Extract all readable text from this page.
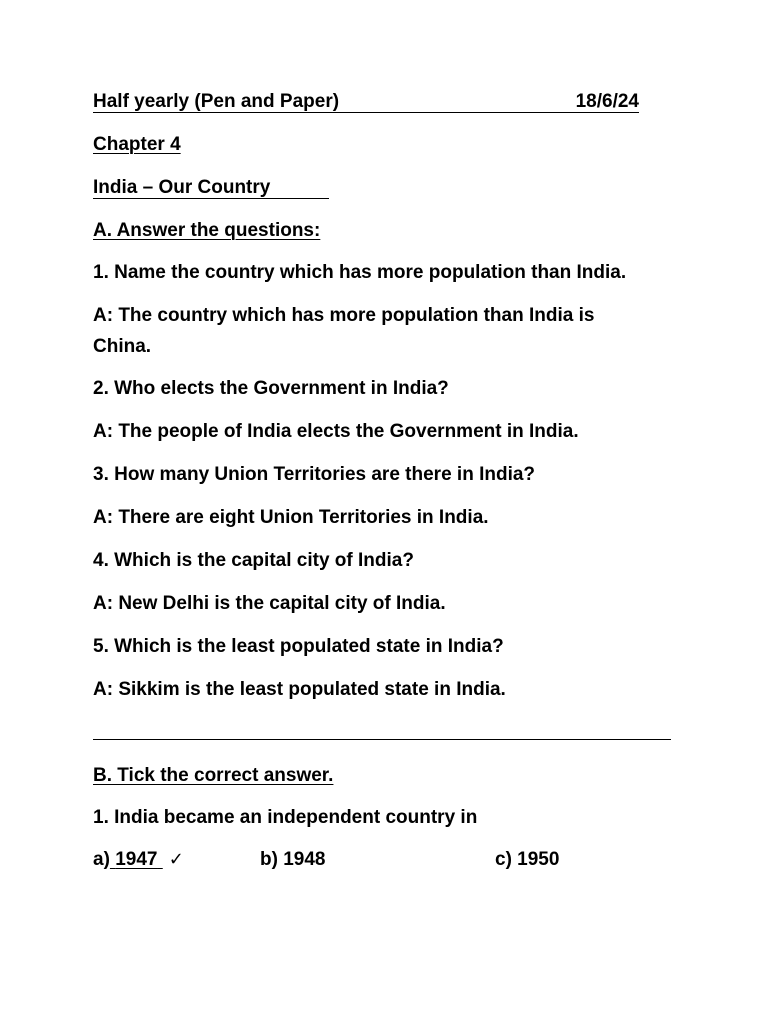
Half yearly (Pen and Paper)	18/6/24
Chapter 4
India – Our Country
A. Answer the questions:
1. Name the country which has more population than India.
A: The country which has more population than India is China.
2. Who elects the Government in India?
A: The people of India elects the Government in India.
3. How many Union Territories are there in India?
A: There are eight Union Territories in India.
4. Which is the capital city of India?
A: New Delhi is the capital city of India.
5. Which is the least populated state in India?
A: Sikkim is the least populated state in India.
B. Tick the correct answer.
1. India became an independent country in
a) 1947 ✓	b) 1948	c) 1950
